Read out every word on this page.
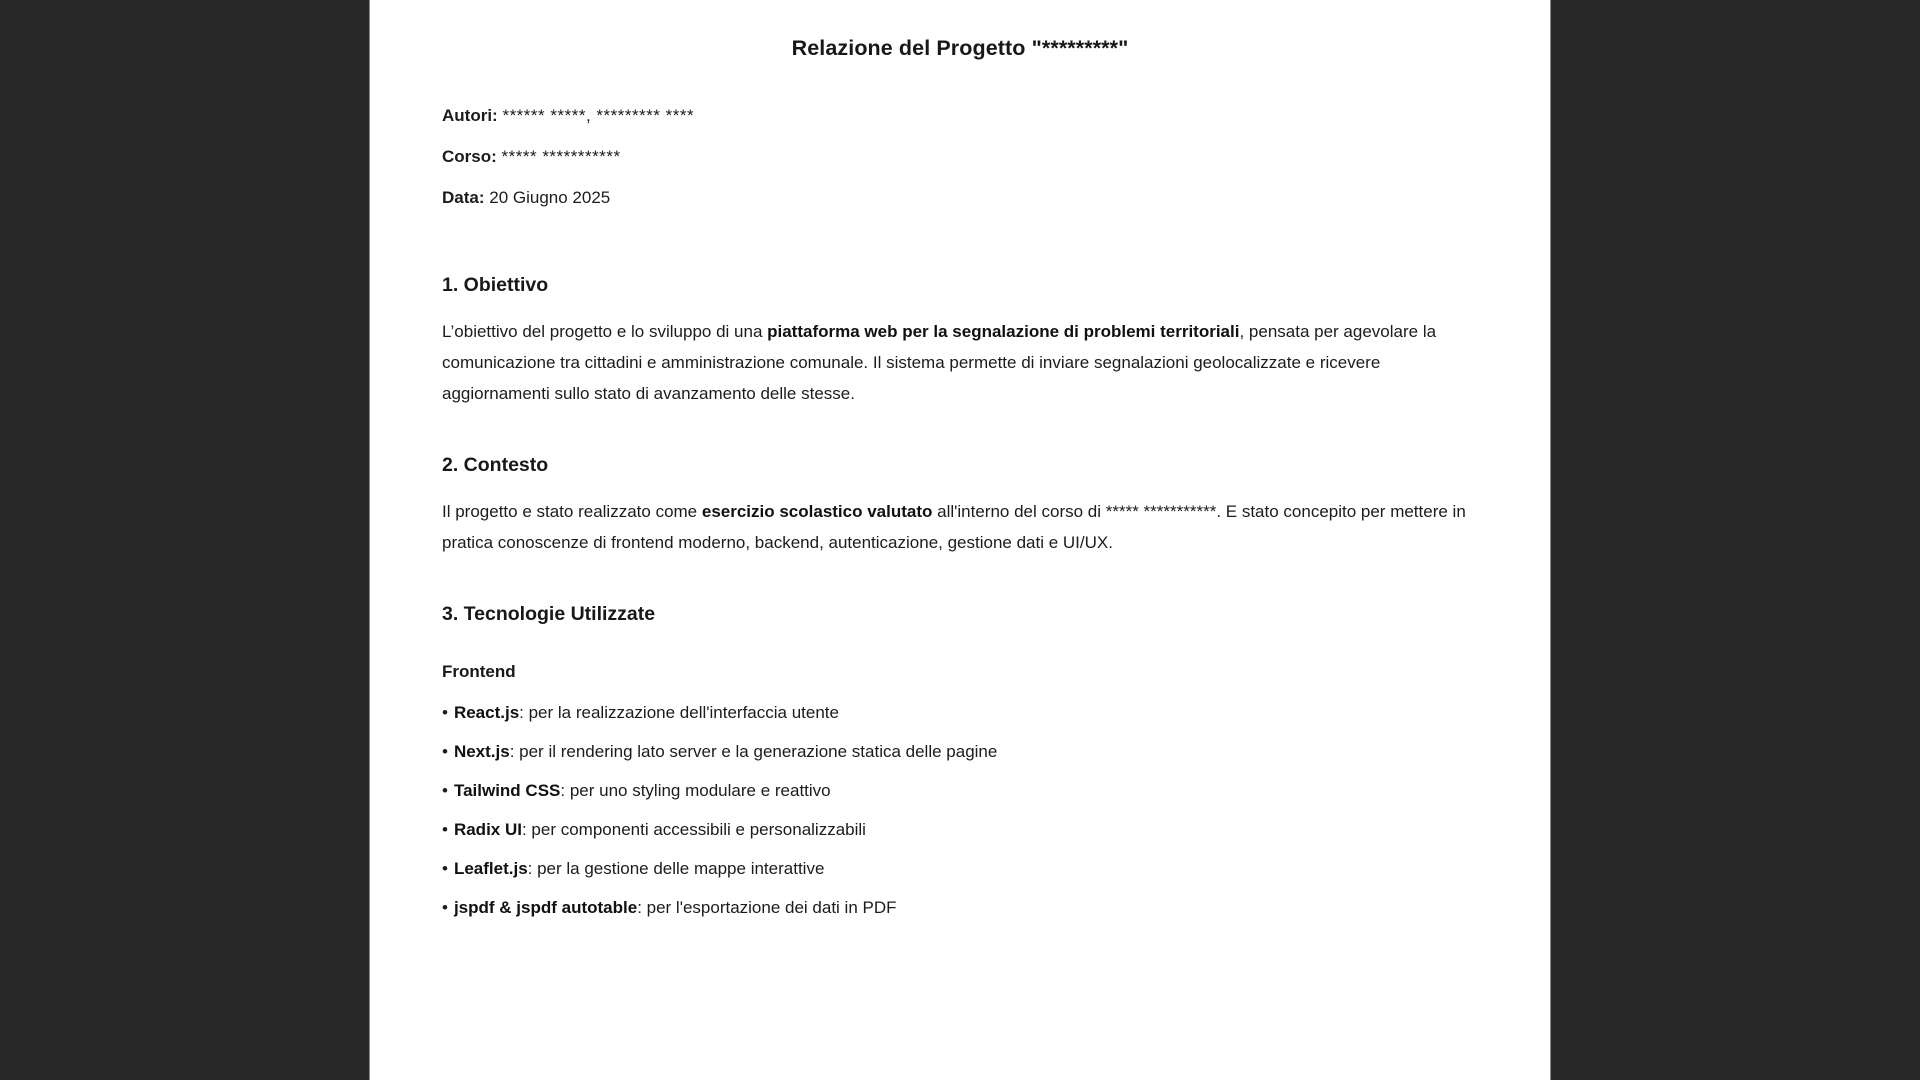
Relazione del Progetto "*********"

Autori: ****** *****, ********* ****

Corso: ***** ***********

Data: 20 Giugno 2025

1. Obiettivo

L’obiettivo del progetto e lo sviluppo di una piattaforma web per la segnalazione di problemi territoriali, pensata per agevolare la comunicazione tra cittadini e amministrazione comunale. Il sistema permette di inviare segnalazioni geolocalizzate e ricevere aggiornamenti sullo stato di avanzamento delle stesse.

2. Contesto

Il progetto e stato realizzato come esercizio scolastico valutato all'interno del corso di ***** ***********. E stato concepito per mettere in pratica conoscenze di frontend moderno, backend, autenticazione, gestione dati e UI/UX.

3. Tecnologie Utilizzate
Frontend
• React.js: per la realizzazione dell'interfaccia utente
• Next.js: per il rendering lato server e la generazione statica delle pagine
• Tailwind CSS: per uno styling modulare e reattivo
• Radix UI: per componenti accessibili e personalizzabili
• Leaflet.js: per la gestione delle mappe interattive
• jspdf & jspdf autotable: per l'esportazione dei dati in PDF
